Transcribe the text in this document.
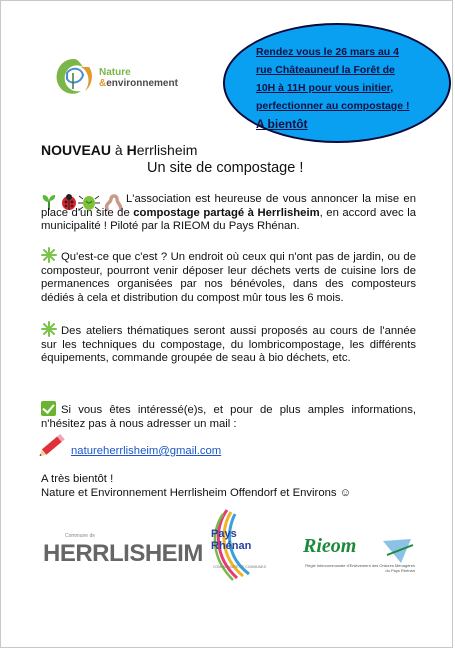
Nature
&environnement
Rendez vous le 26 mars au 4 rue Châteauneuf la Forêt de 10H à 11H pour vous initier, perfectionner au compostage ! A bientôt
NOUVEAU à Herrlisheim
Un site de compostage !
L'association est heureuse de vous annoncer la mise en place d'un site de compostage partagé à Herrlisheim, en accord avec la municipalité ! Piloté par la RIEOM du Pays Rhénan.
Qu'est-ce que c'est ? Un endroit où ceux qui n'ont pas de jardin, ou de composteur, pourront venir déposer leur déchets verts de cuisine lors de permanences organisées par nos bénévoles, dans des composteurs dédiés à cela et distribution du compost mûr tous les 6 mois.
Des ateliers thématiques seront aussi proposés au cours de l'année sur les techniques du compostage, du lombricompostage, les différents équipements, commande groupée de seau à bio déchets, etc.
Si vous êtes intéressé(e)s, et pour de plus amples informations, n'hésitez pas à nous adresser un mail :
natureherrlisheim@gmail.com
A très bientôt !
Nature et Environnement Herrlisheim Offendorf et Environs ☺
Commune de
HERRLISHEIM
Pays
Rhénan
COMMUNAUTÉ DE COMMUNES
Rieom
Régie Intercommunale d'Enlèvement des Ordures Ménagères du Pays Rhénan
